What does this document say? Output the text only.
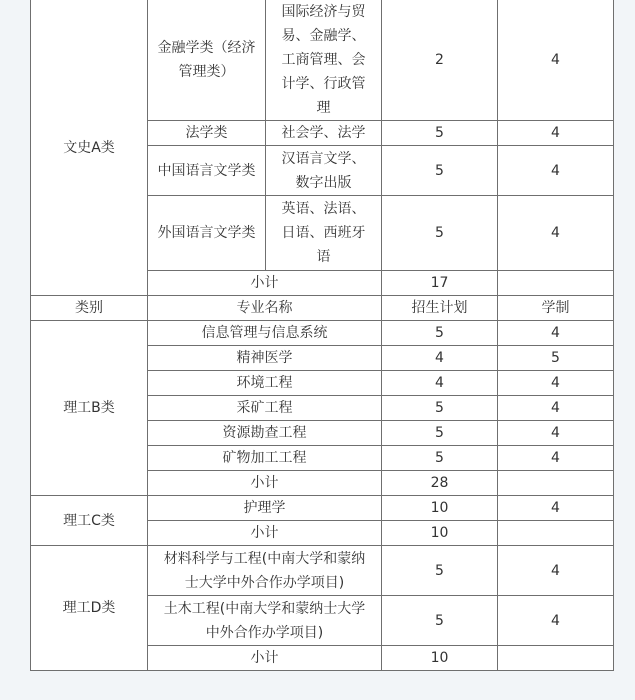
文史A类	金融学类（经济管理类）	国际经济与贸易、金融学、工商管理、会计学、行政管理	2	4
	法学类	社会学、法学	5	4
	中国语言文学类	汉语言文学、数字出版	5	4
	外国语言文学类	英语、法语、日语、西班牙语	5	4
	小计		17	
类别	专业名称		招生计划	学制
理工B类	信息管理与信息系统		5	4
	精神医学		4	5
	环境工程		4	4
	采矿工程		5	4
	资源勘查工程		5	4
	矿物加工工程		5	4
	小计		28	
理工C类	护理学		10	4
	小计		10	
理工D类	材料科学与工程(中南大学和蒙纳士大学中外合作办学项目)		5	4
	土木工程(中南大学和蒙纳士大学中外合作办学项目)		5	4
	小计		10	
